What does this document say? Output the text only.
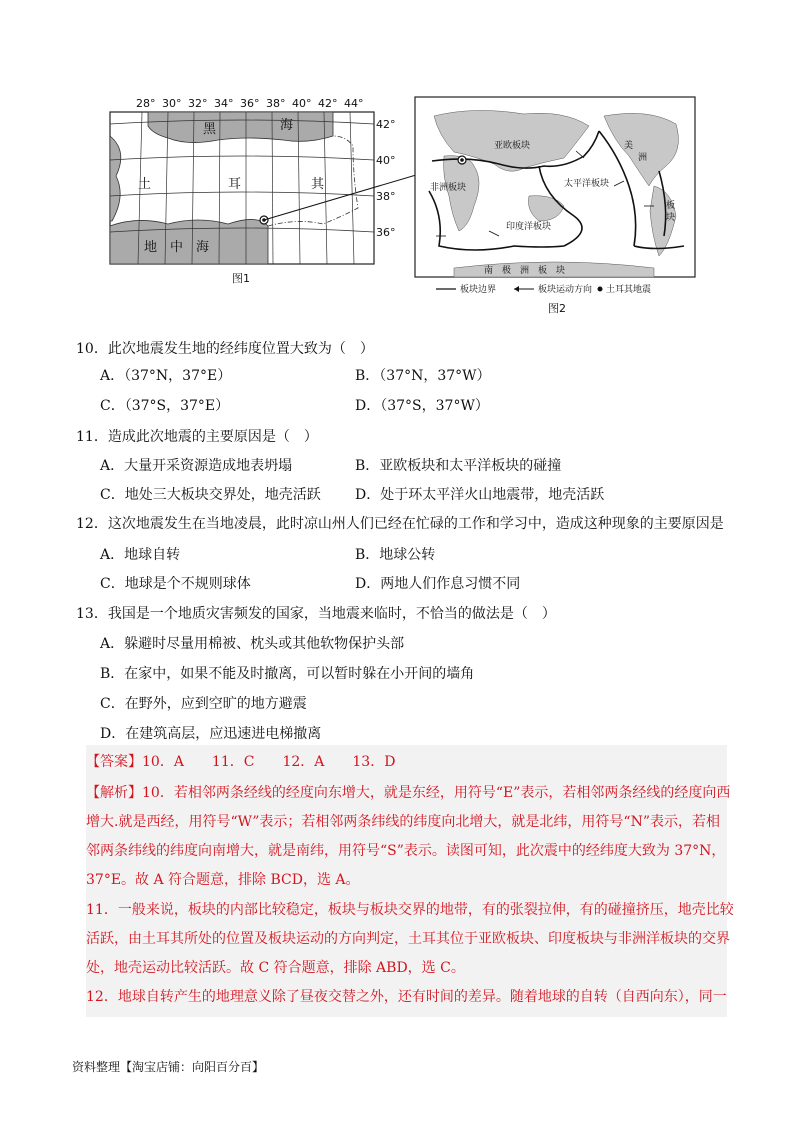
28° 30° 32° 34° 36° 38° 40° 42° 44°
黑	海
土	耳	其
地　中　海
42°
40°
38°
36°
图1
亚欧板块	美
洲
非洲板块	太平洋板块
印度洋板块
板
块
南　极　洲　板　块
板块边界	板块运动方向 土耳其地震
图2
10．此次地震发生地的经纬度位置大致为（　）
A．（37°N，37°E）	B．（37°N，37°W）
C．（37°S，37°E）	D．（37°S，37°W）
11．造成此次地震的主要原因是（　）
A．大量开采资源造成地表坍塌	B．亚欧板块和太平洋板块的碰撞
C．地处三大板块交界处，地壳活跃 D．处于环太平洋火山地震带，地壳活跃
12．这次地震发生在当地凌晨，此时凉山州人们已经在忙碌的工作和学习中，造成这种现象的主要原因是
A．地球自转	B．地球公转
C．地球是个不规则球体	D．两地人们作息习惯不同
13．我国是一个地质灾害频发的国家，当地震来临时，不恰当的做法是（　）
A．躲避时尽量用棉被、枕头或其他软物保护头部
B．在家中，如果不能及时撤离，可以暂时躲在小开间的墙角
C．在野外，应到空旷的地方避震
D．在建筑高层，应迅速进电梯撤离
【答案】10．A　　11．C　　12．A　　13．D
【解析】10．若相邻两条经线的经度向东增大，就是东经，用符号“E”表示，若相邻两条经线的经度向西
增大.就是西经，用符号“W”表示；若相邻两条纬线的纬度向北增大，就是北纬，用符号“N”表示，若相
邻两条纬线的纬度向南增大，就是南纬，用符号“S”表示。读图可知，此次震中的经纬度大致为 37°N，
37°E。故 A 符合题意，排除 BCD，选 A。
11．一般来说，板块的内部比较稳定，板块与板块交界的地带，有的张裂拉伸，有的碰撞挤压，地壳比较
活跃，由土耳其所处的位置及板块运动的方向判定，土耳其位于亚欧板块、印度板块与非洲洋板块的交界
处，地壳运动比较活跃。故 C 符合题意，排除 ABD，选 C。
12．地球自转产生的地理意义除了昼夜交替之外，还有时间的差异。随着地球的自转（自西向东），同一
资料整理【淘宝店铺：向阳百分百】
